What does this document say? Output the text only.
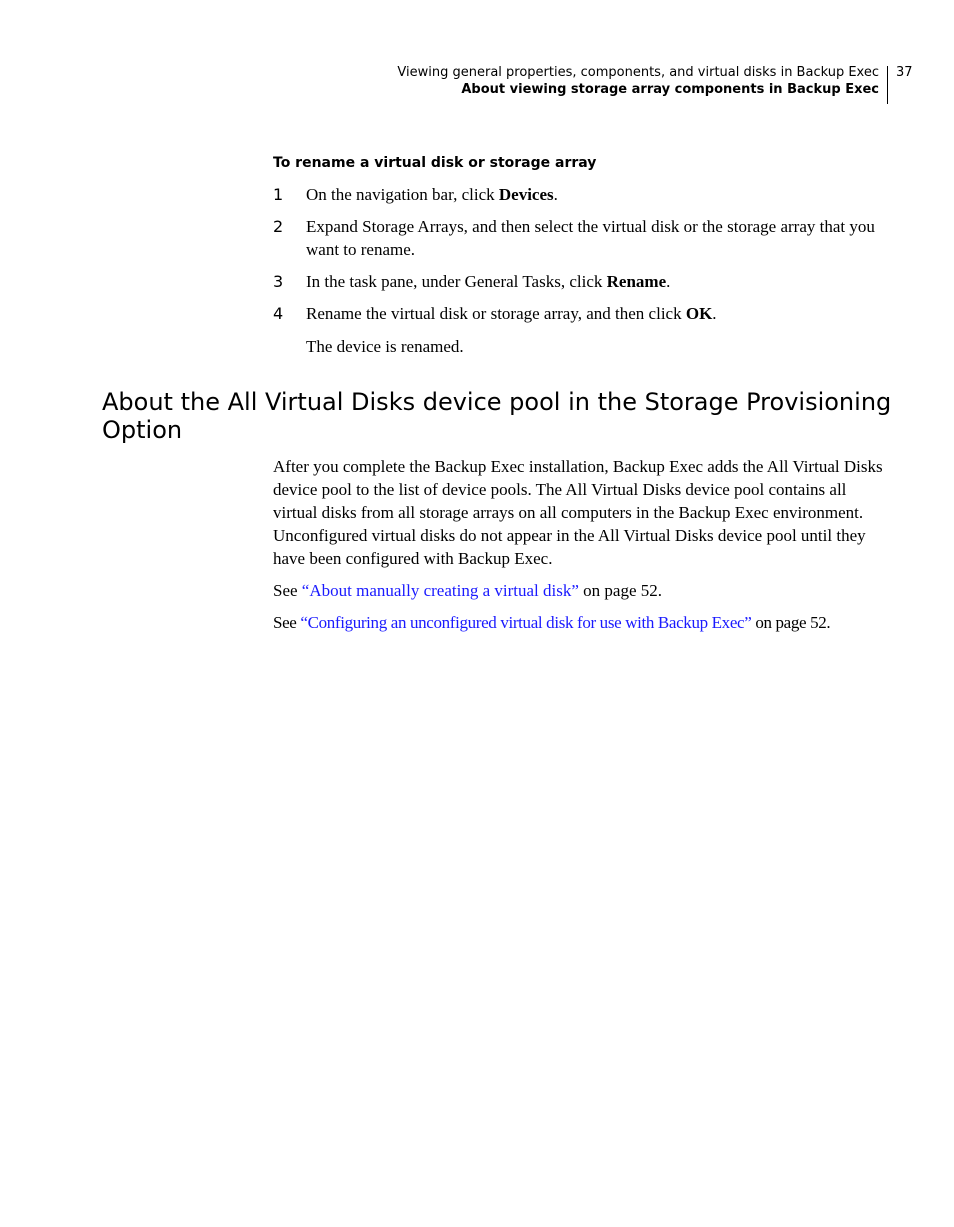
Viewing general properties, components, and virtual disks in Backup Exec
About viewing storage array components in Backup Exec
37
To rename a virtual disk or storage array
1 On the navigation bar, click Devices.
2 Expand Storage Arrays, and then select the virtual disk or the storage array that you want to rename.
3 In the task pane, under General Tasks, click Rename.
4 Rename the virtual disk or storage array, and then click OK.
The device is renamed.
About the All Virtual Disks device pool in the Storage Provisioning Option

After you complete the Backup Exec installation, Backup Exec adds the All Virtual Disks device pool to the list of device pools. The All Virtual Disks device pool contains all virtual disks from all storage arrays on all computers in the Backup Exec environment. Unconfigured virtual disks do not appear in the All Virtual Disks device pool until they have been configured with Backup Exec.

See “About manually creating a virtual disk” on page 52.

See “Configuring an unconfigured virtual disk for use with Backup Exec” on page 52.
